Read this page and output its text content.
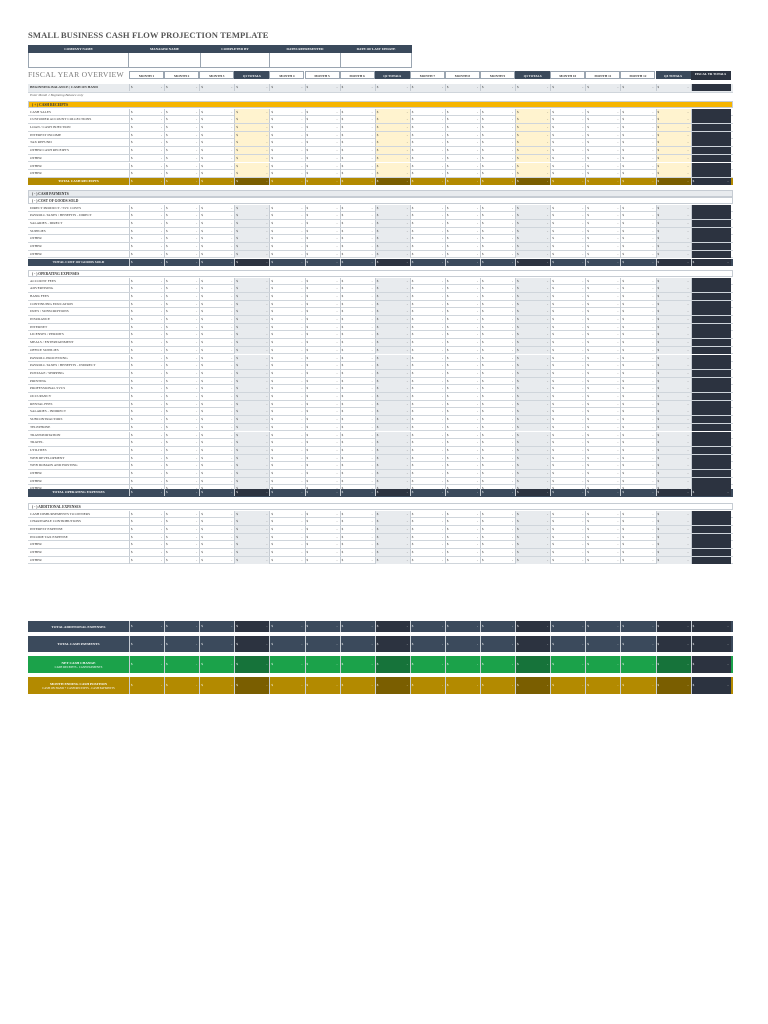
SMALL BUSINESS CASH FLOW PROJECTION TEMPLATE
COMPANY NAME	MANAGER NAME	COMPLETED BY	DATES REPRESENTED	DATE OF LAST UPDATE

FISCAL YEAR OVERVIEW	MONTH 1	MONTH 2	MONTH 3	Q1 TOTALS	MONTH 4	MONTH 5	MONTH 6	Q2 TOTALS	MONTH 7	MONTH 8	MONTH 9	Q3 TOTALS	MONTH 10	MONTH 11	MONTH 12	Q4 TOTALS	FISCAL YR TOTALS
BEGINNING BALANCE | CASH ON HAND	$	- $	- $	- $	- $	- $	- $	- $	- $	- $	- $	- $	- $	- $	- $	- $	-	-
Enter Month 1 Beginning Balance only
( + ) CASH RECEIPTS
CASH SALES	$	- $	- $	- $	- $	- $	- $	- $	- $	- $	- $	- $	- $	- $	- $	- $	-	-
CUSTOMER ACCOUNT COLLECTIONS	$	- $	- $	- $	- $	- $	- $	- $	- $	- $	- $	- $	- $	- $	- $	- $	-	-
LOAN / CASH INJECTION	$	- $	- $	- $	- $	- $	- $	- $	- $	- $	- $	- $	- $	- $	- $	- $	-	-
INTEREST INCOME	$	- $	- $	- $	- $	- $	- $	- $	- $	- $	- $	- $	- $	- $	- $	- $	-	-
TAX REFUND	$	- $	- $	- $	- $	- $	- $	- $	- $	- $	- $	- $	- $	- $	- $	- $	-	-
OTHER CASH RECEIPTS	$	- $	- $	- $	- $	- $	- $	- $	- $	- $	- $	- $	- $	- $	- $	- $	-	-
OTHER	$	- $	- $	- $	- $	- $	- $	- $	- $	- $	- $	- $	- $	- $	- $	- $	-	-
OTHER	$	- $	- $	- $	- $	- $	- $	- $	- $	- $	- $	- $	- $	- $	- $	- $	-	-
OTHER	$	- $	- $	- $	- $	- $	- $	- $	- $	- $	- $	- $	- $	- $	- $	- $	-	-
TOTAL CASH RECEIPTS	$	- $	- $	- $	- $	- $	- $	- $	- $	- $	- $	- $	- $	- $	- $	- $	- $	-
( - ) CASH PAYMENTS
( - ) COST OF GOODS SOLD
DIRECT PRODUCT / SVC COSTS	$	- $	- $	- $	- $	- $	- $	- $	- $	- $	- $	- $	- $	- $	- $	- $	-	-
PAYROLL TAXES / BENEFITS - DIRECT	$	- $	- $	- $	- $	- $	- $	- $	- $	- $	- $	- $	- $	- $	- $	- $	-	-
SALARIES - DIRECT	$	- $	- $	- $	- $	- $	- $	- $	- $	- $	- $	- $	- $	- $	- $	- $	-	-
SUPPLIES	$	- $	- $	- $	- $	- $	- $	- $	- $	- $	- $	- $	- $	- $	- $	- $	-	-
OTHER	$	- $	- $	- $	- $	- $	- $	- $	- $	- $	- $	- $	- $	- $	- $	- $	-	-
OTHER	$	- $	- $	- $	- $	- $	- $	- $	- $	- $	- $	- $	- $	- $	- $	- $	-	-
OTHER	$	- $	- $	- $	- $	- $	- $	- $	- $	- $	- $	- $	- $	- $	- $	- $	-	-
TOTAL COST OF GOODS SOLD	$	- $	- $	- $	- $	- $	- $	- $	- $	- $	- $	- $	- $	- $	- $	- $	- $	-
( - ) OPERATING EXPENSES
ACCOUNT FEES	$	- $	- $	- $	- $	- $	- $	- $	- $	- $	- $	- $	- $	- $	- $	- $	-	-
ADVERTISING	$	- $	- $	- $	- $	- $	- $	- $	- $	- $	- $	- $	- $	- $	- $	- $	-	-
BANK FEES	$	- $	- $	- $	- $	- $	- $	- $	- $	- $	- $	- $	- $	- $	- $	- $	-	-
CONTINUING EDUCATION	$	- $	- $	- $	- $	- $	- $	- $	- $	- $	- $	- $	- $	- $	- $	- $	-	-
DUES / SUBSCRIPTIONS	$	- $	- $	- $	- $	- $	- $	- $	- $	- $	- $	- $	- $	- $	- $	- $	-	-
INSURANCE	$	- $	- $	- $	- $	- $	- $	- $	- $	- $	- $	- $	- $	- $	- $	- $	-	-
INTERNET	$	- $	- $	- $	- $	- $	- $	- $	- $	- $	- $	- $	- $	- $	- $	- $	-	-
LICENSES / PERMITS	$	- $	- $	- $	- $	- $	- $	- $	- $	- $	- $	- $	- $	- $	- $	- $	-	-
MEALS / ENTERTAINMENT	$	- $	- $	- $	- $	- $	- $	- $	- $	- $	- $	- $	- $	- $	- $	- $	-	-
OFFICE SUPPLIES	$	- $	- $	- $	- $	- $	- $	- $	- $	- $	- $	- $	- $	- $	- $	- $	-	-
PAYROLL PROCESSING	$	- $	- $	- $	- $	- $	- $	- $	- $	- $	- $	- $	- $	- $	- $	- $	-	-
PAYROLL TAXES / BENEFITS - INDIRECT	$	- $	- $	- $	- $	- $	- $	- $	- $	- $	- $	- $	- $	- $	- $	- $	-	-
POSTAGE / SHIPPING	$	- $	- $	- $	- $	- $	- $	- $	- $	- $	- $	- $	- $	- $	- $	- $	-	-
PRINTING	$	- $	- $	- $	- $	- $	- $	- $	- $	- $	- $	- $	- $	- $	- $	- $	-	-
PROFESSIONAL SVCS	$	- $	- $	- $	- $	- $	- $	- $	- $	- $	- $	- $	- $	- $	- $	- $	-	-
OCCUPANCY	$	- $	- $	- $	- $	- $	- $	- $	- $	- $	- $	- $	- $	- $	- $	- $	-	-
RENTAL FEES	$	- $	- $	- $	- $	- $	- $	- $	- $	- $	- $	- $	- $	- $	- $	- $	-	-
SALARIES - INDIRECT	$	- $	- $	- $	- $	- $	- $	- $	- $	- $	- $	- $	- $	- $	- $	- $	-	-
SUBCONTRACTORS	$	- $	- $	- $	- $	- $	- $	- $	- $	- $	- $	- $	- $	- $	- $	- $	-	-
TELEPHONE	$	- $	- $	- $	- $	- $	- $	- $	- $	- $	- $	- $	- $	- $	- $	- $	-	-
TRANSPORTATION	$	- $	- $	- $	- $	- $	- $	- $	- $	- $	- $	- $	- $	- $	- $	- $	-	-
TRAVEL	$	- $	- $	- $	- $	- $	- $	- $	- $	- $	- $	- $	- $	- $	- $	- $	-	-
UTILITIES	$	- $	- $	- $	- $	- $	- $	- $	- $	- $	- $	- $	- $	- $	- $	- $	-	-
WEB DEVELOPMENT	$	- $	- $	- $	- $	- $	- $	- $	- $	- $	- $	- $	- $	- $	- $	- $	-	-
WEB DOMAIN AND HOSTING	$	- $	- $	- $	- $	- $	- $	- $	- $	- $	- $	- $	- $	- $	- $	- $	-	-
OTHER	$	- $	- $	- $	- $	- $	- $	- $	- $	- $	- $	- $	- $	- $	- $	- $	-	-
OTHER	$	- $	- $	- $	- $	- $	- $	- $	- $	- $	- $	- $	- $	- $	- $	- $	-	-
TOTAL OPERATING EXPENSES	$	- $	- $	- $	- $	- $	- $	- $	- $	- $	- $	- $	- $	- $	- $	- $	- $	-
( - ) ADDITIONAL EXPENSES
CASH DISBURSEMENTS TO OWNERS	$	- $	- $	- $	- $	- $	- $	- $	- $	- $	- $	- $	- $	- $	- $	- $	-	-
CHARITABLE CONTRIBUTIONS	$	- $	- $	- $	- $	- $	- $	- $	- $	- $	- $	- $	- $	- $	- $	- $	-	-
INTEREST EXPENSE	$	- $	- $	- $	- $	- $	- $	- $	- $	- $	- $	- $	- $	- $	- $	- $	-	-
INCOME TAX EXPENSE	$	- $	- $	- $	- $	- $	- $	- $	- $	- $	- $	- $	- $	- $	- $	- $	-	-
OTHER	$	- $	- $	- $	- $	- $	- $	- $	- $	- $	- $	- $	- $	- $	- $	- $	-	-
OTHER	$	- $	- $	- $	- $	- $	- $	- $	- $	- $	- $	- $	- $	- $	- $	- $	-	-
OTHER	$	- $	- $	- $	- $	- $	- $	- $	- $	- $	- $	- $	- $	- $	- $	- $	-	-
TOTAL ADDITIONAL EXPENSES	$	- $	- $	- $	- $	- $	- $	- $	- $	- $	- $	- $	- $	- $	- $	- $	- $	-
TOTAL CASH PAYMENTS	$	- $	- $	- $	- $	- $	- $	- $	- $	- $	- $	- $	- $	- $	- $	- $	- $	-
NET CASH CHANGE
CASH RECEIPTS - CASH PAYMENTS
$	- $	- $	- $	- $	- $	- $	- $	- $	- $	- $	- $	- $	- $	- $	- $	- $	-
MONTH ENDING CASH POSITION
CASH ON HAND + CASH RECEIPTS - CASH PAYMENTS
$	- $	- $	- $	- $	- $	- $	- $	- $	- $	- $	- $	- $	- $	- $	- $	- $	-
